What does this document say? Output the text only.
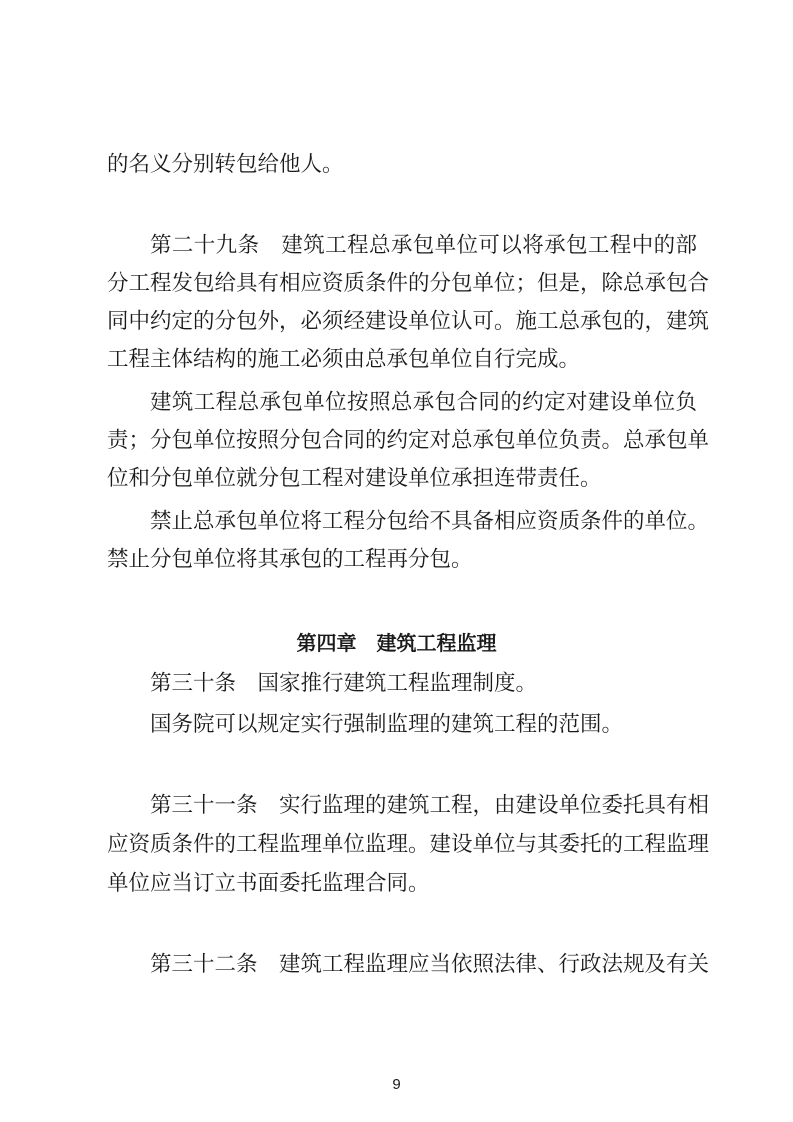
的名义分别转包给他人。
第二十九条　建筑工程总承包单位可以将承包工程中的部
分工程发包给具有相应资质条件的分包单位；但是，除总承包合
同中约定的分包外，必须经建设单位认可。施工总承包的，建筑
工程主体结构的施工必须由总承包单位自行完成。
建筑工程总承包单位按照总承包合同的约定对建设单位负
责；分包单位按照分包合同的约定对总承包单位负责。总承包单
位和分包单位就分包工程对建设单位承担连带责任。
禁止总承包单位将工程分包给不具备相应资质条件的单位。
禁止分包单位将其承包的工程再分包。
第四章　建筑工程监理
第三十条　国家推行建筑工程监理制度。
国务院可以规定实行强制监理的建筑工程的范围。
第三十一条　实行监理的建筑工程，由建设单位委托具有相
应资质条件的工程监理单位监理。建设单位与其委托的工程监理
单位应当订立书面委托监理合同。
第三十二条　建筑工程监理应当依照法律、行政法规及有关
9
